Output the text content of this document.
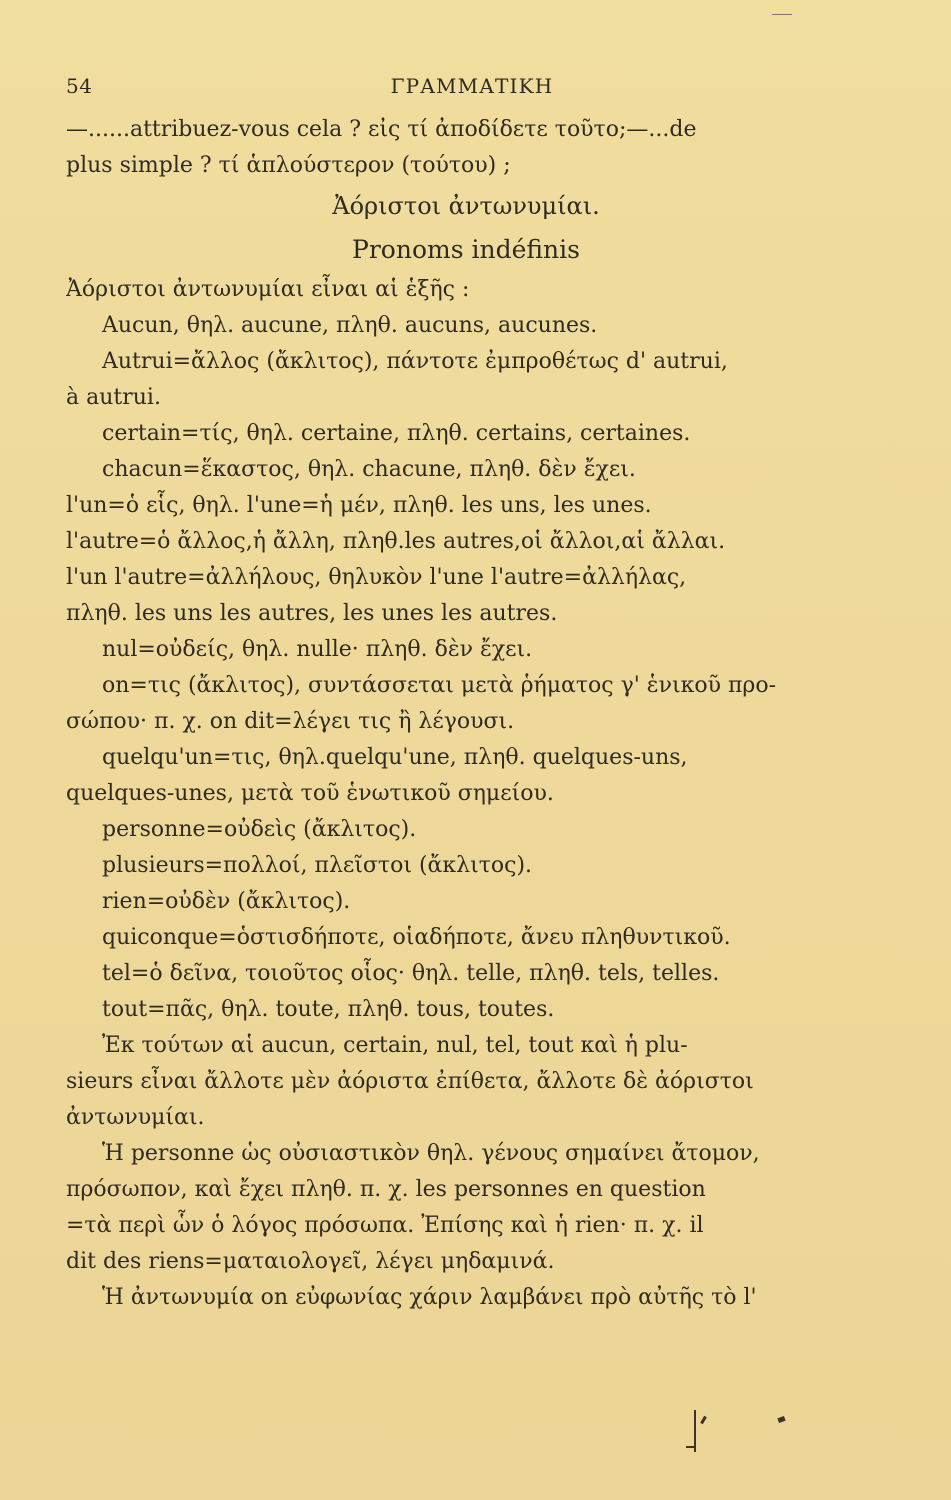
54	ΓΡΑΜΜΑΤΙΚΗ
—......attribuez-vous cela ? εἰς τί ἀποδίδετε τοῦτο;—...de
plus simple ? τί ἁπλούστερον (τούτου) ;
Ἀόριστοι ἀντωνυμίαι.
Pronoms indéfinis
Ἀόριστοι ἀντωνυμίαι εἶναι αἱ ἑξῆς :
Aucun, θηλ. aucune, πληθ. aucuns, aucunes.
Autrui=ἄλλος (ἄκλιτος), πάντοτε ἐμπροθέτως d' autrui,
à autrui.
certain=τίς, θηλ. certaine, πληθ. certains, certaines.
chacun=ἕκαστος, θηλ. chacune, πληθ. δὲν ἔχει.
l'un=ὁ εἷς, θηλ. l'une=ἡ μέν, πληθ. les uns, les unes.
l'autre=ὁ ἄλλος,ἡ ἄλλη, πληθ.les autres,οἱ ἄλλοι,αἱ ἄλλαι.
l'un l'autre=ἀλλήλους, θηλυκὸν l'une l'autre=ἀλλήλας,
πληθ. les uns les autres, les unes les autres.
nul=οὐδείς, θηλ. nulle· πληθ. δὲν ἔχει.
on=τις (ἄκλιτος), συντάσσεται μετὰ ῥήματος γ' ἑνικοῦ προ-
σώπου· π. χ. on dit=λέγει τις ἢ λέγουσι.
quelqu'un=τις, θηλ.quelqu'une, πληθ. quelques-uns,
quelques-unes, μετὰ τοῦ ἑνωτικοῦ σημείου.
personne=οὐδεὶς (ἄκλιτος).
plusieurs=πολλοί, πλεῖστοι (ἄκλιτος).
rien=οὐδὲν (ἄκλιτος).
quiconque=ὁστισδήποτε, οἱαδήποτε, ἄνευ πληθυντικοῦ.
tel=ὁ δεῖνα, τοιοῦτος οἷος· θηλ. telle, πληθ. tels, telles.
tout=πᾶς, θηλ. toute, πληθ. tous, toutes.
Ἐκ τούτων αἱ aucun, certain, nul, tel, tout καὶ ἡ plu-
sieurs εἶναι ἄλλοτε μὲν ἀόριστα ἐπίθετα, ἄλλοτε δὲ ἀόριστοι
ἀντωνυμίαι.
Ἡ personne ὡς οὐσιαστικὸν θηλ. γένους σημαίνει ἄτομον,
πρόσωπον, καὶ ἔχει πληθ. π. χ. les personnes en question
=τὰ περὶ ὧν ὁ λόγος πρόσωπα. Ἐπίσης καὶ ἡ rien· π. χ. il
dit des riens=ματαιολογεῖ, λέγει μηδαμινά.
Ἡ ἀντωνυμία on εὐφωνίας χάριν λαμβάνει πρὸ αὐτῆς τὸ l'
